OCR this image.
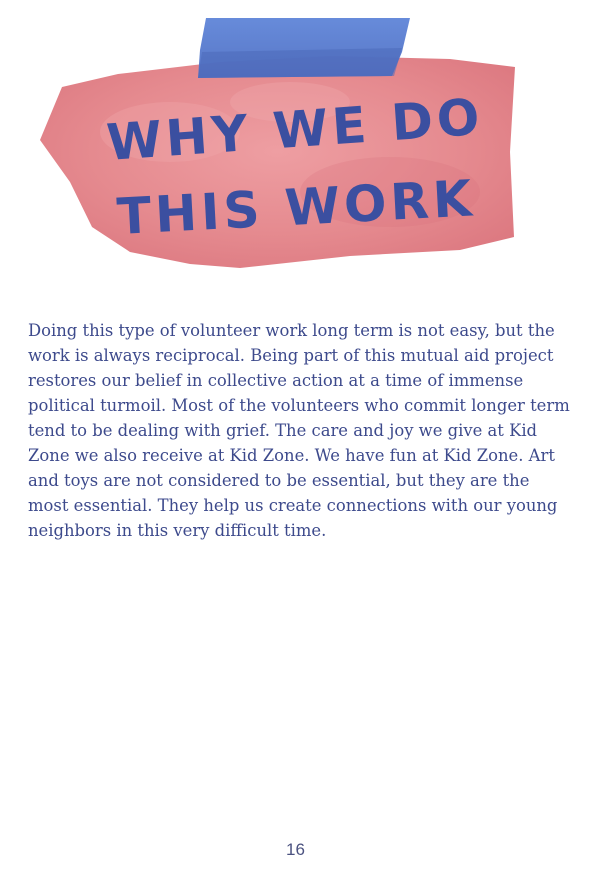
WHY WE DO
THIS WORK

Doing this type of volunteer work long term is not easy, but the work is always reciprocal. Being part of this mutual aid project restores our belief in collective action at a time of immense political turmoil. Most of the volunteers who commit longer term tend to be dealing with grief. The care and joy we give at Kid Zone we also receive at Kid Zone. We have fun at Kid Zone. Art and toys are not considered to be essential, but they are the most essential. They help us create connections with our young neighbors in this very difficult time.

16
